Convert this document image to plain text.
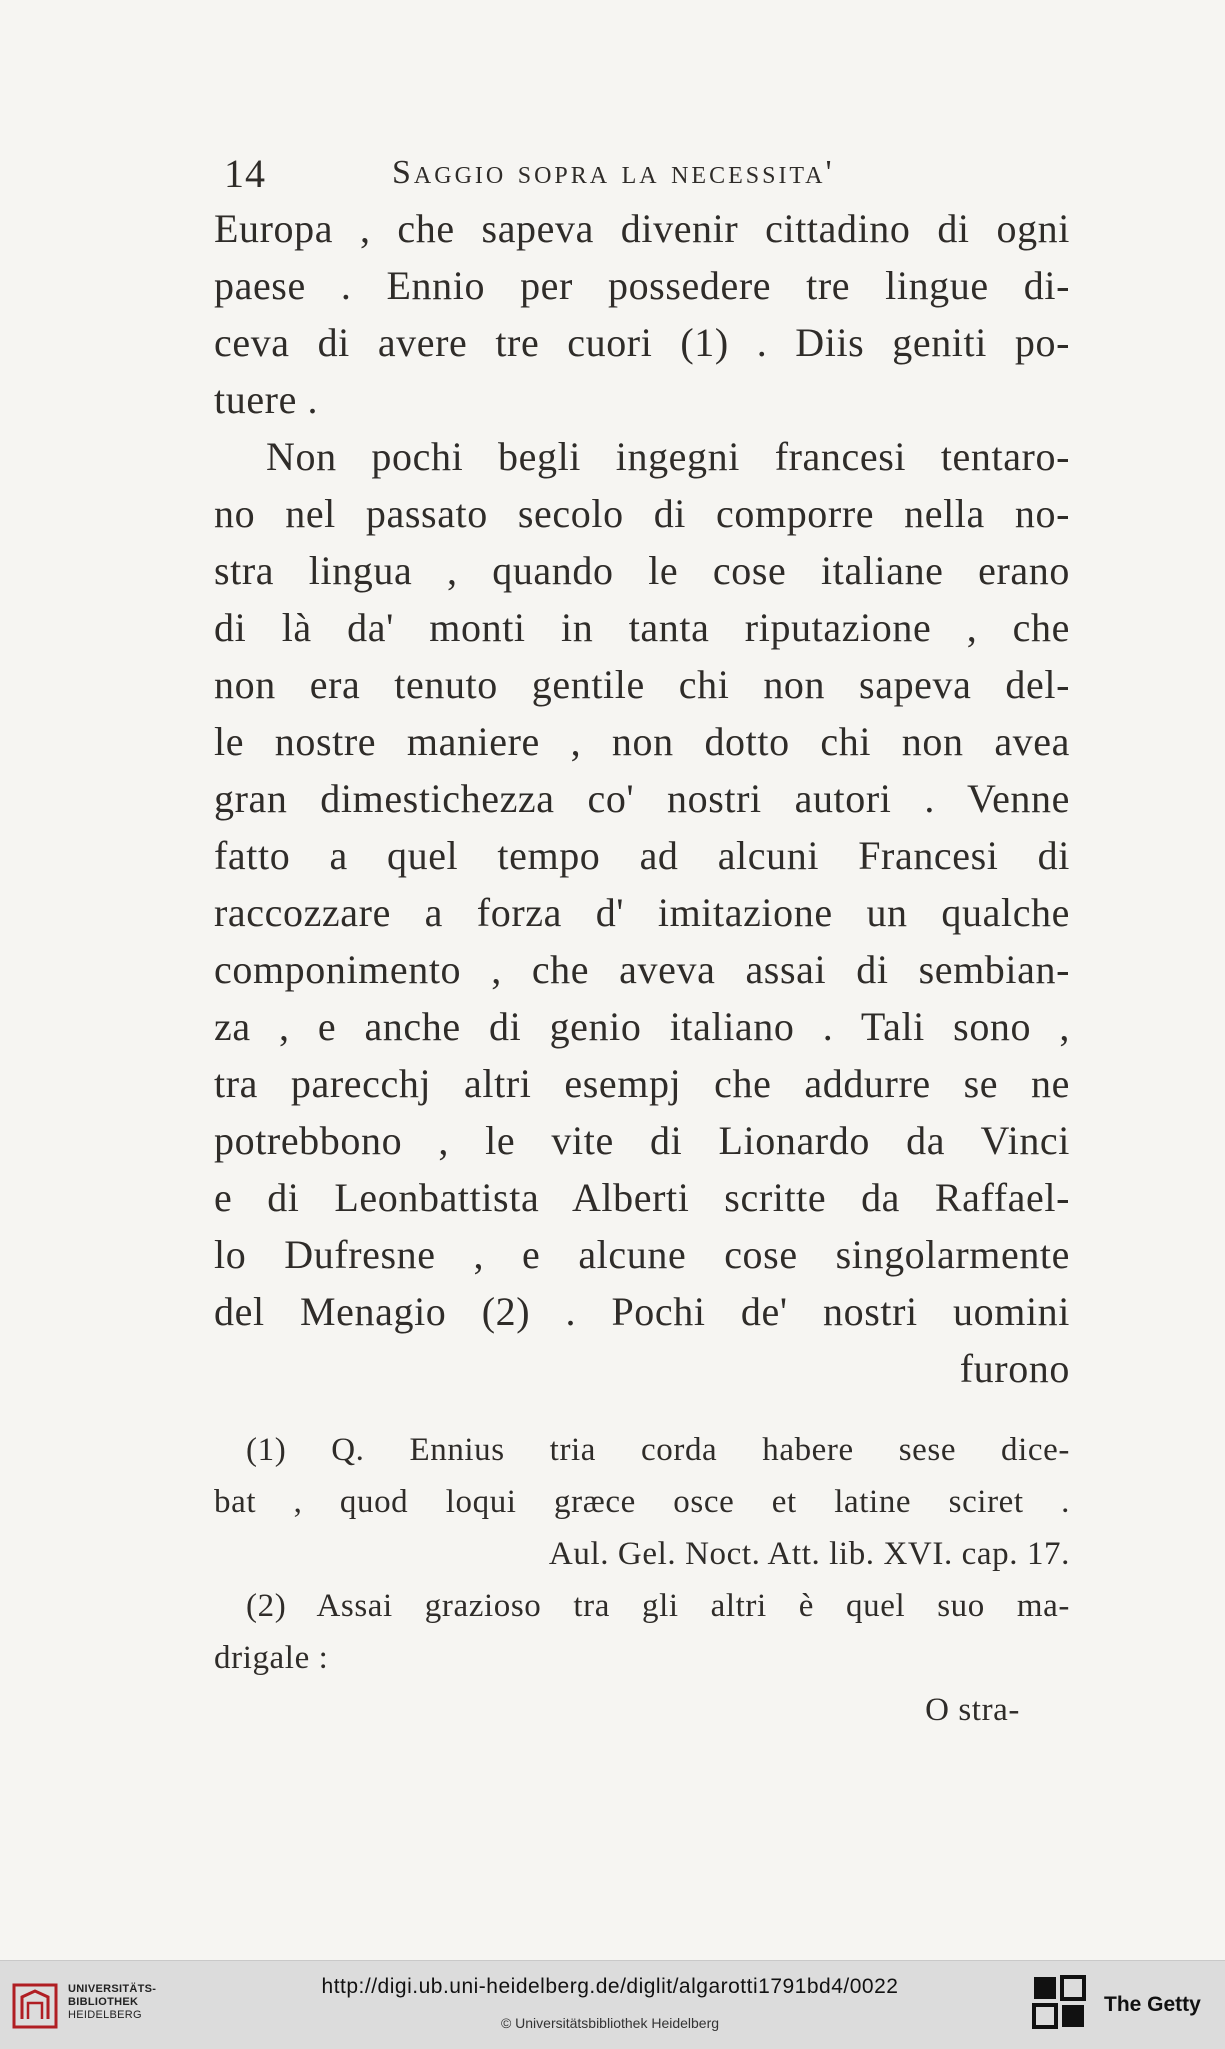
14	Saggio sopra la necessita'
Europa , che sapeva divenir cittadino di ogni
paese . Ennio per possedere tre lingue di-
ceva di avere tre cuori (1) . Diis geniti po-
tuere .
Non pochi begli ingegni francesi tentaro-
no nel passato secolo di comporre nella no-
stra lingua , quando le cose italiane erano
di là da' monti in tanta riputazione , che
non era tenuto gentile chi non sapeva del-
le nostre maniere , non dotto chi non avea
gran dimestichezza co' nostri autori . Venne
fatto a quel tempo ad alcuni Francesi di
raccozzare a forza d' imitazione un qualche
componimento , che aveva assai di sembian-
za , e anche di genio italiano . Tali sono ,
tra parecchj altri esempj che addurre se ne
potrebbono , le vite di Lionardo da Vinci
e di Leonbattista Alberti scritte da Raffael-
lo Dufresne , e alcune cose singolarmente
del Menagio (2) . Pochi de' nostri uomini
furono
(1) Q. Ennius tria corda habere sese dice-
bat , quod loqui græce osce et latine sciret .
Aul. Gel. Noct. Att. lib. XVI. cap. 17.
(2) Assai grazioso tra gli altri è quel suo ma-
drigale :
O stra-
UNIVERSITÄTS-
BIBLIOTHEK
HEIDELBERG
http://digi.ub.uni-heidelberg.de/diglit/algarotti1791bd4/0022
© Universitätsbibliothek Heidelberg
The Getty
